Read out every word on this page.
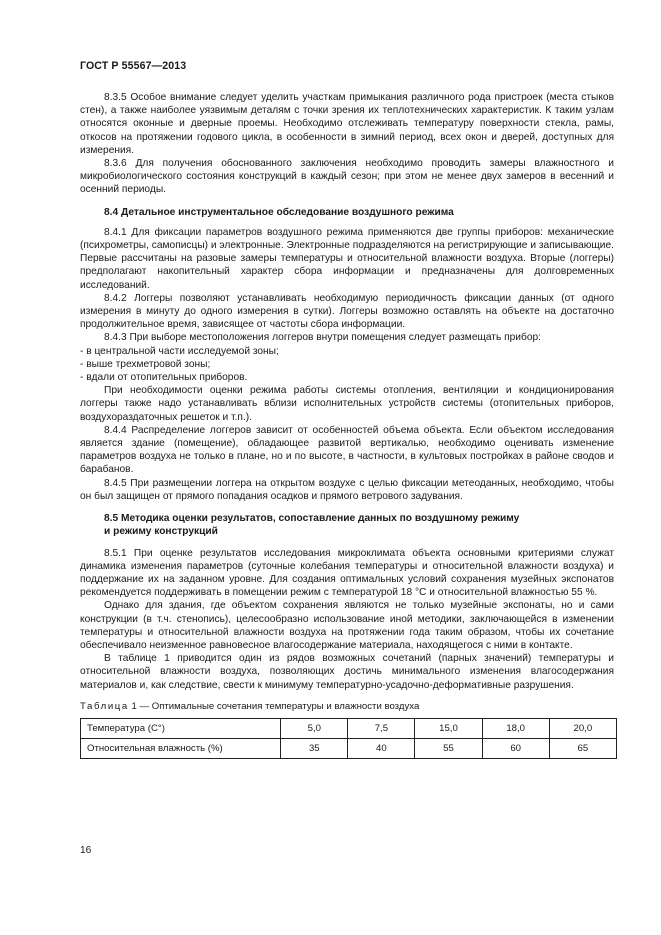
ГОСТ Р 55567—2013

8.3.5 Особое внимание следует уделить участкам примыкания различного рода пристроек (места стыков стен), а также наиболее уязвимым деталям с точки зрения их теплотехнических характеристик. К таким узлам относятся оконные и дверные проемы. Необходимо отслеживать температуру поверхности стекла, рамы, откосов на протяжении годового цикла, в особенности в зимний период, всех окон и дверей, доступных для измерения.

8.3.6 Для получения обоснованного заключения необходимо проводить замеры влажностного и микробиологического состояния конструкций в каждый сезон; при этом не менее двух замеров в весенний и осенний периоды.

8.4 Детальное инструментальное обследование воздушного режима

8.4.1 Для фиксации параметров воздушного режима применяются две группы приборов: механические (психрометры, самописцы) и электронные. Электронные подразделяются на регистрирующие и записывающие. Первые рассчитаны на разовые замеры температуры и относительной влажности воздуха. Вторые (логгеры) предполагают накопительный характер сбора информации и предназначены для долговременных исследований.

8.4.2 Логгеры позволяют устанавливать необходимую периодичность фиксации данных (от одного измерения в минуту до одного измерения в сутки). Логгеры возможно оставлять на объекте на достаточно продолжительное время, зависящее от частоты сбора информации.

8.4.3 При выборе местоположения логгеров внутри помещения следует размещать прибор:

- в центральной части исследуемой зоны;

- выше трехметровой зоны;

- вдали от отопительных приборов.

При необходимости оценки режима работы системы отопления, вентиляции и кондиционирования логгеры также надо устанавливать вблизи исполнительных устройств системы (отопительных приборов, воздухораздаточных решеток и т.п.).

8.4.4 Распределение логгеров зависит от особенностей объема объекта. Если объектом исследования является здание (помещение), обладающее развитой вертикалью, необходимо оценивать изменение параметров воздуха не только в плане, но и по высоте, в частности, в культовых постройках в районе сводов и барабанов.

8.4.5 При размещении логгера на открытом воздухе с целью фиксации метеоданных, необходимо, чтобы он был защищен от прямого попадания осадков и прямого ветрового задувания.

8.5 Методика оценки результатов, сопоставление данных по воздушному режиму
и режиму конструкций

8.5.1 При оценке результатов исследования микроклимата объекта основными критериями служат динамика изменения параметров (суточные колебания температуры и относительной влажности воздуха) и поддержание их на заданном уровне. Для создания оптимальных условий сохранения музейных экспонатов рекомендуется поддерживать в помещении режим с температурой 18 °С и относительной влажностью 55 %.

Однако для здания, где объектом сохранения являются не только музейные экспонаты, но и сами конструкции (в т.ч. стенопись), целесообразно использование иной методики, заключающейся в изменении температуры и относительной влажности воздуха на протяжении года таким образом, чтобы их сочетание обеспечивало неизменное равновесное влагосодержание материала, находящегося с ними в контакте.

В таблице 1 приводится один из рядов возможных сочетаний (парных значений) температуры и относительной влажности воздуха, позволяющих достичь минимального изменения влагосодержания материалов и, как следствие, свести к минимуму температурно-усадочно-деформативные разрушения.

Таблица 1 — Оптимальные сочетания температуры и влажности воздуха
Температура (С°)	5,0	7,5	15,0	18,0	20,0
Относительная влажность (%)	35	40	55	60	65
16
